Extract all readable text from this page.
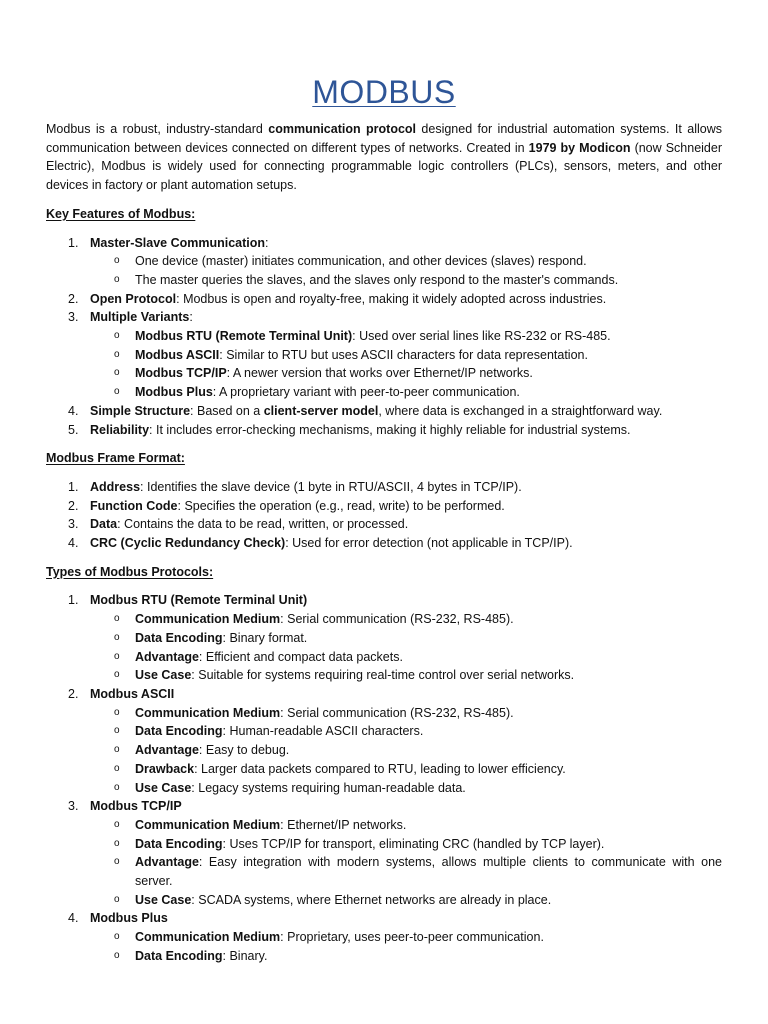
MODBUS

Modbus is a robust, industry-standard communication protocol designed for industrial automation systems. It allows communication between devices connected on different types of networks. Created in 1979 by Modicon (now Schneider Electric), Modbus is widely used for connecting programmable logic controllers (PLCs), sensors, meters, and other devices in factory or plant automation setups.

Key Features of Modbus:
1. Master-Slave Communication:
o One device (master) initiates communication, and other devices (slaves) respond.
o The master queries the slaves, and the slaves only respond to the master's commands.
2. Open Protocol: Modbus is open and royalty-free, making it widely adopted across industries.
3. Multiple Variants:
o Modbus RTU (Remote Terminal Unit): Used over serial lines like RS-232 or RS-485.
o Modbus ASCII: Similar to RTU but uses ASCII characters for data representation.
o Modbus TCP/IP: A newer version that works over Ethernet/IP networks.
o Modbus Plus: A proprietary variant with peer-to-peer communication.
4. Simple Structure: Based on a client-server model, where data is exchanged in a straightforward way.
5. Reliability: It includes error-checking mechanisms, making it highly reliable for industrial systems.
Modbus Frame Format:
1. Address: Identifies the slave device (1 byte in RTU/ASCII, 4 bytes in TCP/IP).
2. Function Code: Specifies the operation (e.g., read, write) to be performed.
3. Data: Contains the data to be read, written, or processed.
4. CRC (Cyclic Redundancy Check): Used for error detection (not applicable in TCP/IP).
Types of Modbus Protocols:
1. Modbus RTU (Remote Terminal Unit)
o Communication Medium: Serial communication (RS-232, RS-485).
o Data Encoding: Binary format.
o Advantage: Efficient and compact data packets.
o Use Case: Suitable for systems requiring real-time control over serial networks.
2. Modbus ASCII
o Communication Medium: Serial communication (RS-232, RS-485).
o Data Encoding: Human-readable ASCII characters.
o Advantage: Easy to debug.
o Drawback: Larger data packets compared to RTU, leading to lower efficiency.
o Use Case: Legacy systems requiring human-readable data.
3. Modbus TCP/IP
o Communication Medium: Ethernet/IP networks.
o Data Encoding: Uses TCP/IP for transport, eliminating CRC (handled by TCP layer).
o Advantage: Easy integration with modern systems, allows multiple clients to communicate with one server.
o Use Case: SCADA systems, where Ethernet networks are already in place.
4. Modbus Plus
o Communication Medium: Proprietary, uses peer-to-peer communication.
o Data Encoding: Binary.
